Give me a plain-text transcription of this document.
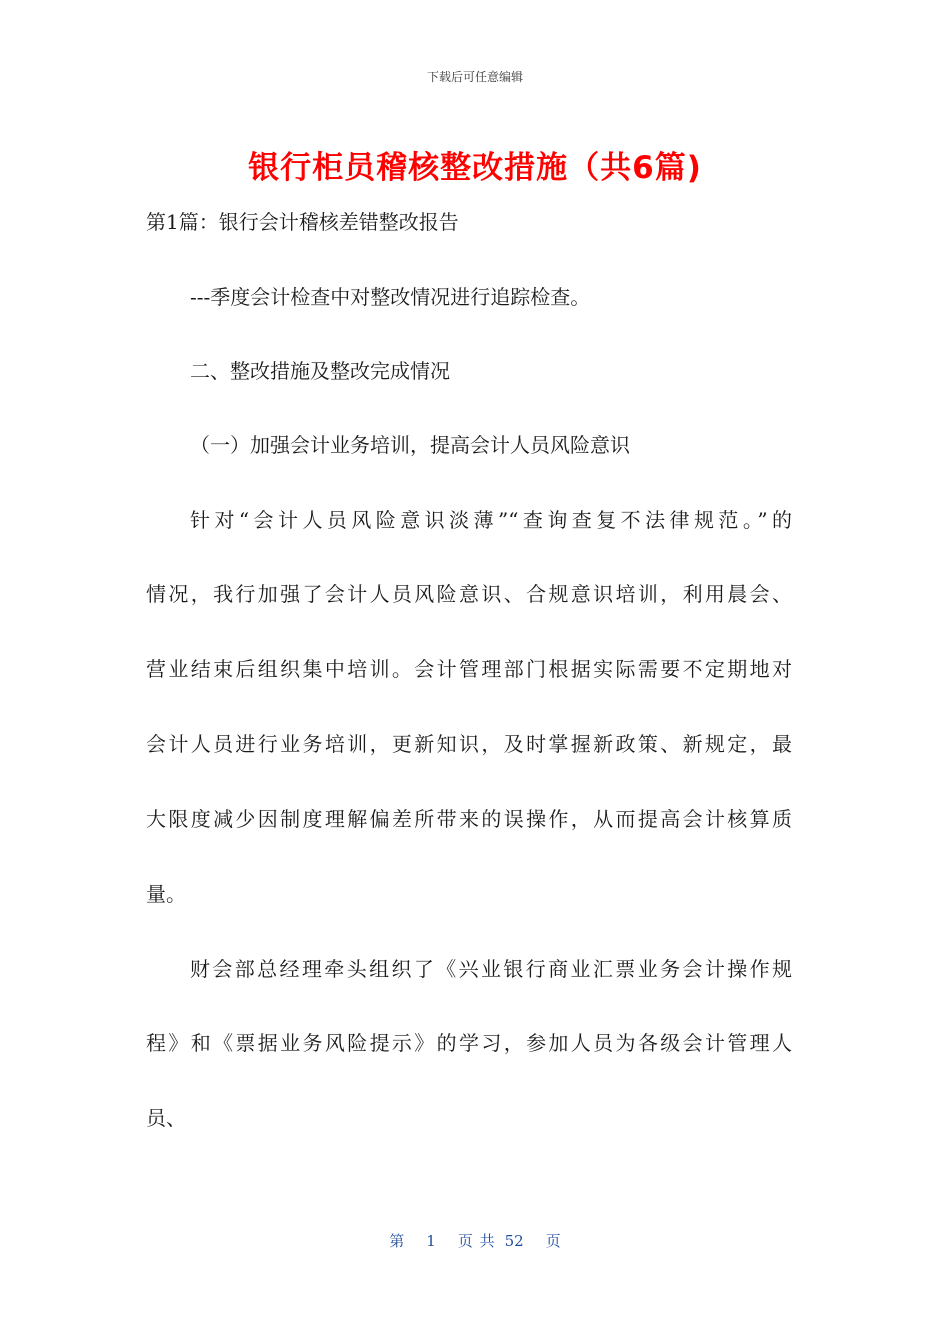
下载后可任意编辑
银行柜员稽核整改措施（共6篇)
第1篇：银行会计稽核差错整改报告
---季度会计检查中对整改情况进行追踪检查。
二、整改措施及整改完成情况
（一）加强会计业务培训，提高会计人员风险意识
针对“会计人员风险意识淡薄”“查询查复不法律规范。”的
情况，我行加强了会计人员风险意识、合规意识培训，利用晨会、
营业结束后组织集中培训。会计管理部门根据实际需要不定期地对
会计人员进行业务培训，更新知识，及时掌握新政策、新规定，最
大限度减少因制度理解偏差所带来的误操作，从而提高会计核算质
量。
财会部总经理牵头组织了《兴业银行商业汇票业务会计操作规
程》和《票据业务风险提示》的学习，参加人员为各级会计管理人
员、
第 1 页 共 52 页
